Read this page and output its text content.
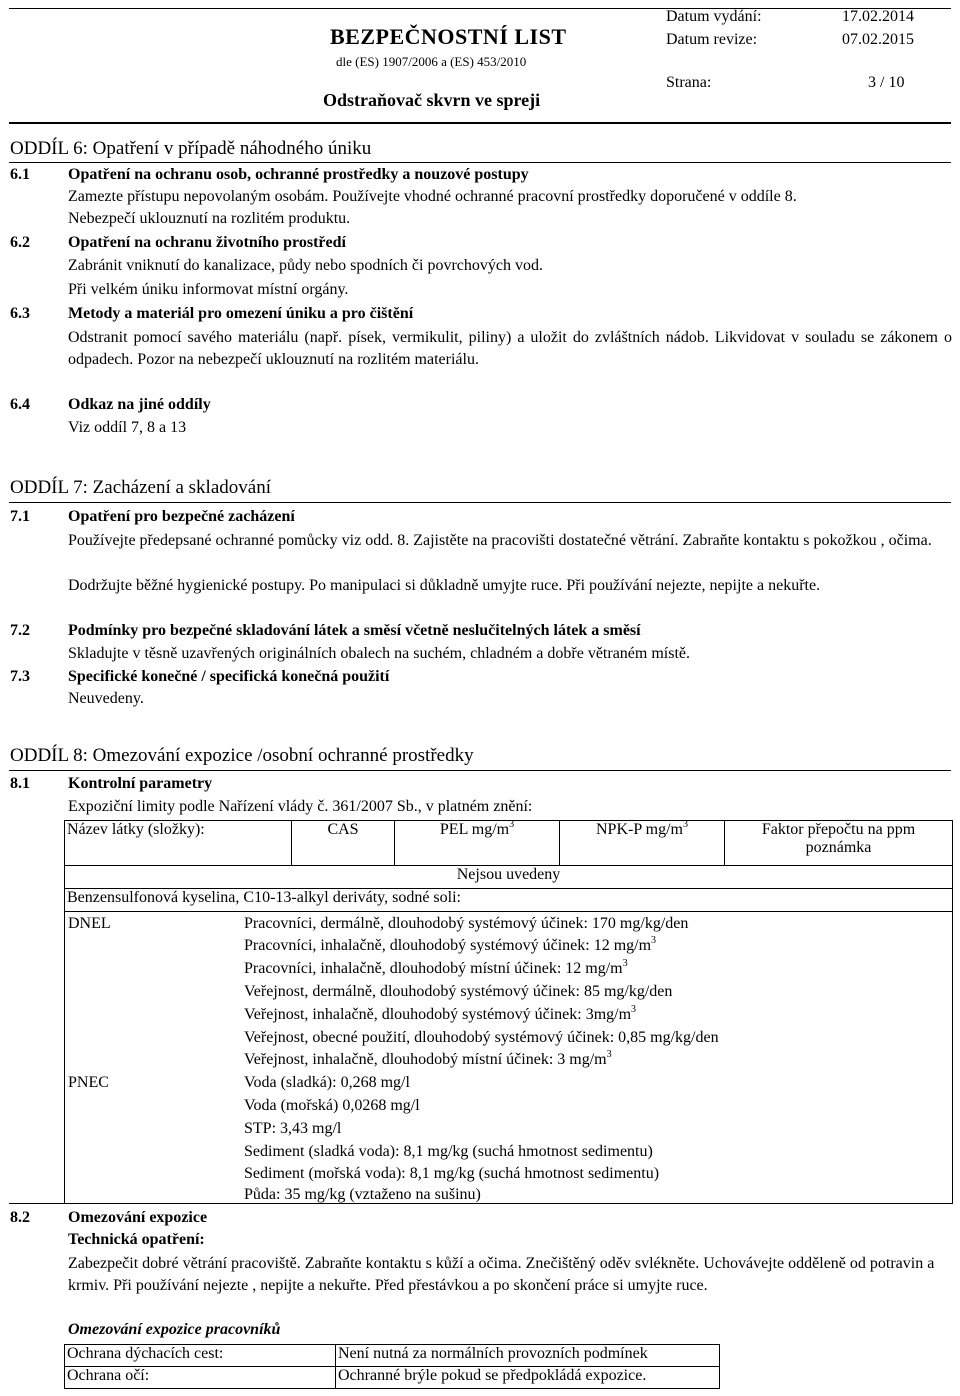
BEZPEČNOSTNÍ LIST
dle (ES) 1907/2006 a (ES) 453/2010
Odstraňovač skvrn ve spreji
Datum vydání:	17.02.2014
Datum revize:	07.02.2015
Strana:	3 / 10
ODDÍL 6: Opatření v případě náhodného úniku
6.1 Opatření na ochranu osob, ochranné prostředky a nouzové postupy
Zamezte přístupu nepovolaným osobám. Používejte vhodné ochranné pracovní prostředky doporučené v oddíle 8.
Nebezpečí uklouznutí na rozlitém produktu.
6.2 Opatření na ochranu životního prostředí
Zabránit vniknutí do kanalizace, půdy nebo spodních či povrchových vod.
Při velkém úniku informovat místní orgány.
6.3 Metody a materiál pro omezení úniku a pro čištění
Odstranit pomocí savého materiálu (např. písek, vermikulit, piliny) a uložit do zvláštních nádob. Likvidovat v souladu se zákonem o odpadech. Pozor na nebezpečí uklouznutí na rozlitém materiálu.
6.4 Odkaz na jiné oddíly
Viz oddíl 7, 8 a 13
ODDÍL 7: Zacházení a skladování
7.1 Opatření pro bezpečné zacházení
Používejte předepsané ochranné pomůcky viz odd. 8. Zajistěte na pracovišti dostatečné větrání. Zabraňte kontaktu s pokožkou , očima.
Dodržujte běžné hygienické postupy. Po manipulaci si důkladně umyjte ruce. Při používání nejezte, nepijte a nekuřte.
7.2 Podmínky pro bezpečné skladování látek a směsí včetně neslučitelných látek a směsí
Skladujte v těsně uzavřených originálních obalech na suchém, chladném a dobře větraném místě.
7.3 Specifické konečné / specifická konečná použití
Neuvedeny.
ODDÍL 8: Omezování expozice /osobní ochranné prostředky
8.1 Kontrolní parametry
Expoziční limity podle Nařízení vlády č. 361/2007 Sb., v platném znění:
Název látky (složky):	CAS	PEL $mg/m^3$	NPK-P $mg/m^3$	Faktor přepočtu na ppm poznámka
Nejsou uvedeny
Benzensulfonová kyselina, C10-13-alkyl deriváty, sodné soli:
DNEL	Pracovníci, dermálně, dlouhodobý systémový účinek: 170 mg/kg/den
Pracovníci, inhalačně, dlouhodobý systémový účinek: 12 $mg/m^3$
Pracovníci, inhalačně, dlouhodobý místní účinek: 12 $mg/m^3$
Veřejnost, dermálně, dlouhodobý systémový účinek: 85 mg/kg/den
Veřejnost, inhalačně, dlouhodobý systémový účinek: $3mg/m^3$
Veřejnost, obecné použití, dlouhodobý systémový účinek: 0,85 mg/kg/den
Veřejnost, inhalačně, dlouhodobý místní účinek: 3 $mg/m^3$
PNEC	Voda (sladká): 0,268 mg/l
Voda (mořská) 0,0268 mg/l
STP: 3,43 mg/l
Sediment (sladká voda): 8,1 mg/kg (suchá hmotnost sedimentu)
Sediment (mořská voda): 8,1 mg/kg (suchá hmotnost sedimentu)
Půda: 35 mg/kg (vztaženo na sušinu)
8.2 Omezování expozice
Technická opatření:
Zabezpečit dobré větrání pracoviště. Zabraňte kontaktu s kůží a očima. Znečištěný oděv svlékněte. Uchovávejte odděleně od potravin a krmiv. Při používání nejezte , nepijte a nekuřte. Před přestávkou a po skončení práce si umyjte ruce.
Omezování expozice pracovníků
Ochrana dýchacích cest:	Není nutná za normálních provozních podmínek
Ochrana očí:	Ochranné brýle pokud se předpokládá expozice.
